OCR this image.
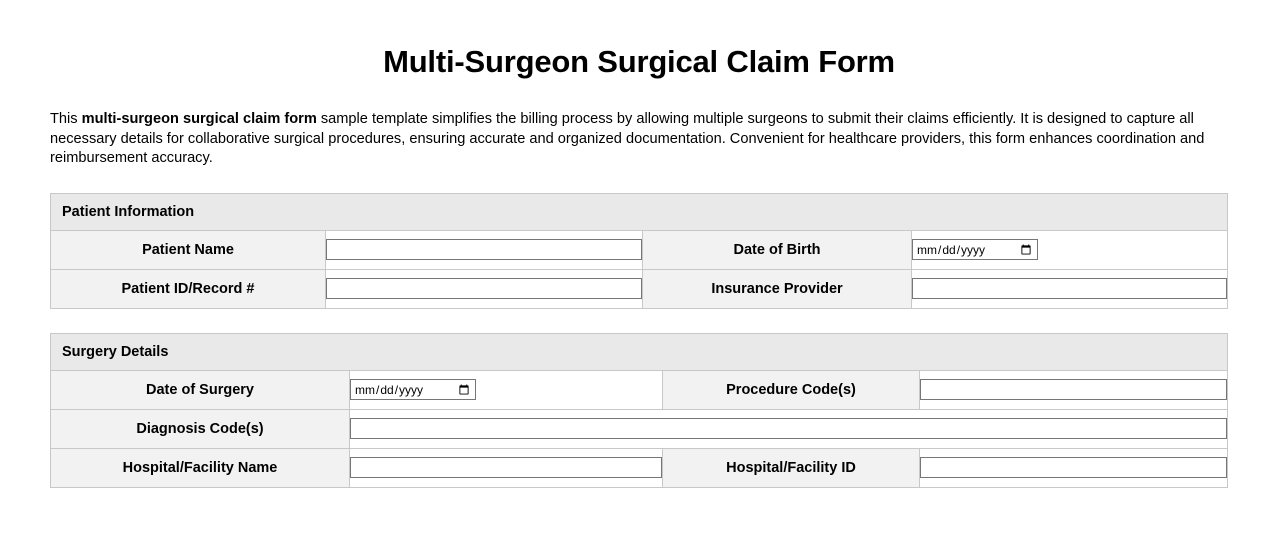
Multi-Surgeon Surgical Claim Form

This multi-surgeon surgical claim form sample template simplifies the billing process by allowing multiple surgeons to submit their claims efficiently. It is designed to capture all necessary details for collaborative surgical procedures, ensuring accurate and organized documentation. Convenient for healthcare providers, this form enhances coordination and reimbursement accuracy.

Patient Information
Patient Name		Date of Birth	mm/dd/yyyy
Patient ID/Record #		Insurance Provider	
Surgery Details
Date of Surgery	mm/dd/yyyy	Procedure Code(s)	
Diagnosis Code(s)	
Hospital/Facility Name		Hospital/Facility ID	
